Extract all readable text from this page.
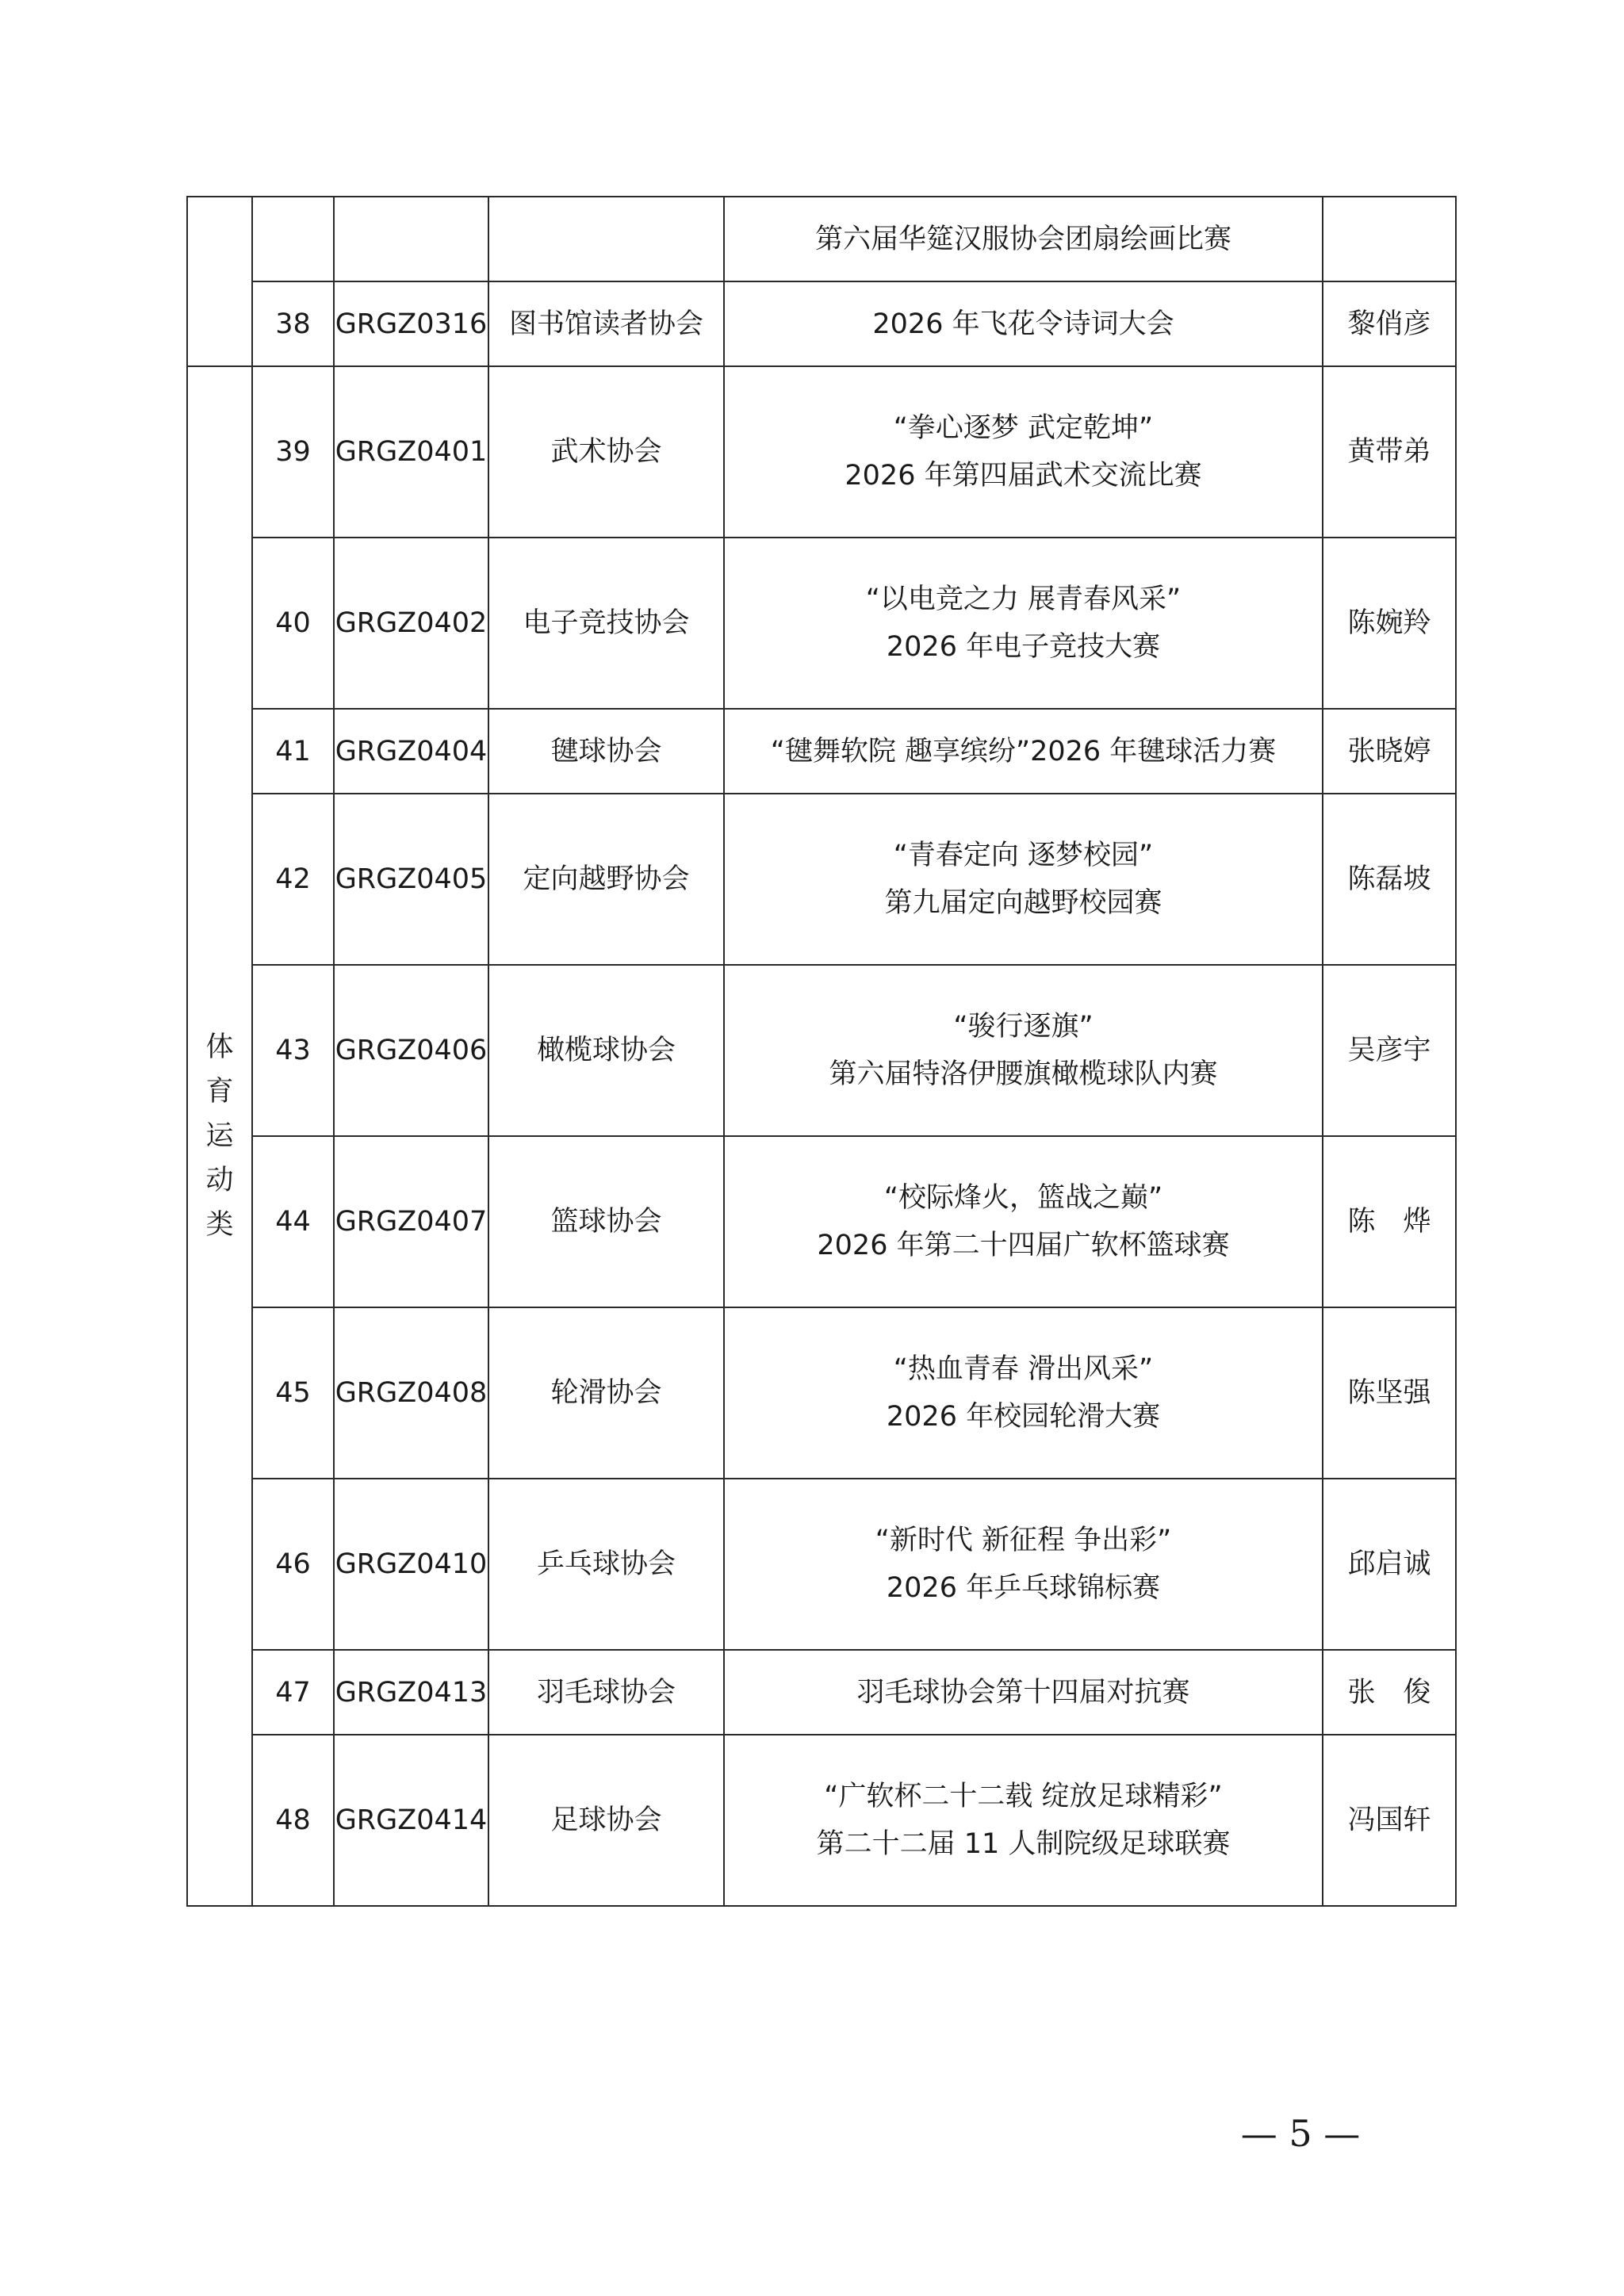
				第六届华筵汉服协会团扇绘画比赛	
	38	GRGZ0316	图书馆读者协会	2026 年飞花令诗词大会	黎俏彦

体
育
运
动
类	39	GRGZ0401	武术协会	“拳心逐梦 武定乾坤”
2026 年第四届武术交流比赛	黄带弟
	40	GRGZ0402	电子竞技协会	“以电竞之力 展青春风采”
2026 年电子竞技大赛	陈婉羚
	41	GRGZ0404	毽球协会	“毽舞软院 趣享缤纷”2026 年毽球活力赛	张晓婷
	42	GRGZ0405	定向越野协会	“青春定向 逐梦校园”
第九届定向越野校园赛	陈磊坡
	43	GRGZ0406	橄榄球协会	“骏行逐旗”
第六届特洛伊腰旗橄榄球队内赛	吴彦宇
	44	GRGZ0407	篮球协会	“校际烽火，篮战之巅”
2026 年第二十四届广软杯篮球赛	陈　烨
	45	GRGZ0408	轮滑协会	“热血青春 滑出风采”
2026 年校园轮滑大赛	陈坚强
	46	GRGZ0410	乒乓球协会	“新时代 新征程 争出彩”
2026 年乒乓球锦标赛	邱启诚
	47	GRGZ0413	羽毛球协会	羽毛球协会第十四届对抗赛	张　俊
	48	GRGZ0414	足球协会	“广软杯二十二载 绽放足球精彩”
第二十二届 11 人制院级足球联赛	冯国轩
— 5 —
